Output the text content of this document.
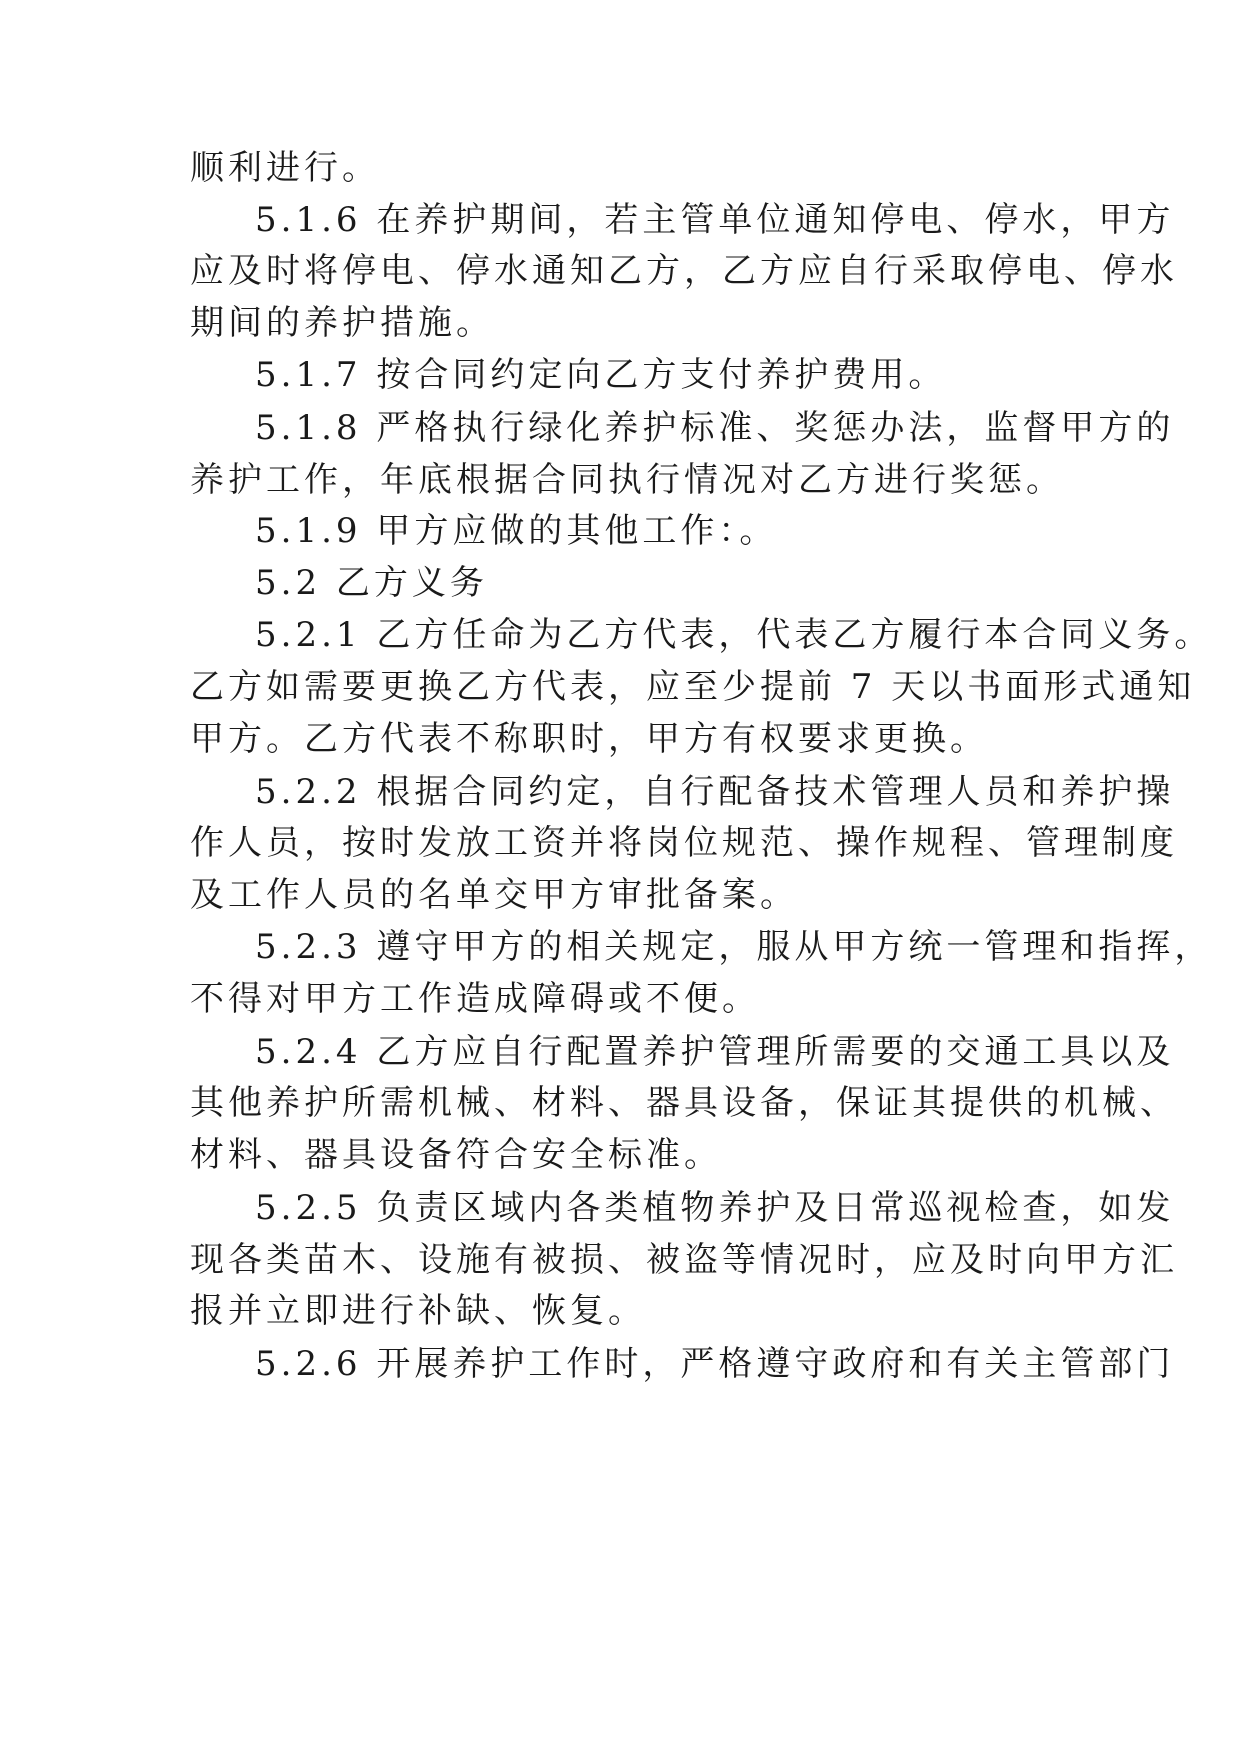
顺利进行。
5.1.6 在养护期间，若主管单位通知停电、停水，甲方
应及时将停电、停水通知乙方，乙方应自行采取停电、停水
期间的养护措施。
5.1.7 按合同约定向乙方支付养护费用。
5.1.8 严格执行绿化养护标准、奖惩办法，监督甲方的
养护工作，年底根据合同执行情况对乙方进行奖惩。
5.1.9 甲方应做的其他工作：。
5.2 乙方义务
5.2.1 乙方任命为乙方代表，代表乙方履行本合同义务。
乙方如需要更换乙方代表，应至少提前 7 天以书面形式通知
甲方。乙方代表不称职时，甲方有权要求更换。
5.2.2 根据合同约定，自行配备技术管理人员和养护操
作人员，按时发放工资并将岗位规范、操作规程、管理制度
及工作人员的名单交甲方审批备案。
5.2.3 遵守甲方的相关规定，服从甲方统一管理和指挥，
不得对甲方工作造成障碍或不便。
5.2.4 乙方应自行配置养护管理所需要的交通工具以及
其他养护所需机械、材料、器具设备，保证其提供的机械、
材料、器具设备符合安全标准。
5.2.5 负责区域内各类植物养护及日常巡视检查，如发
现各类苗木、设施有被损、被盗等情况时，应及时向甲方汇
报并立即进行补缺、恢复。
5.2.6 开展养护工作时，严格遵守政府和有关主管部门
